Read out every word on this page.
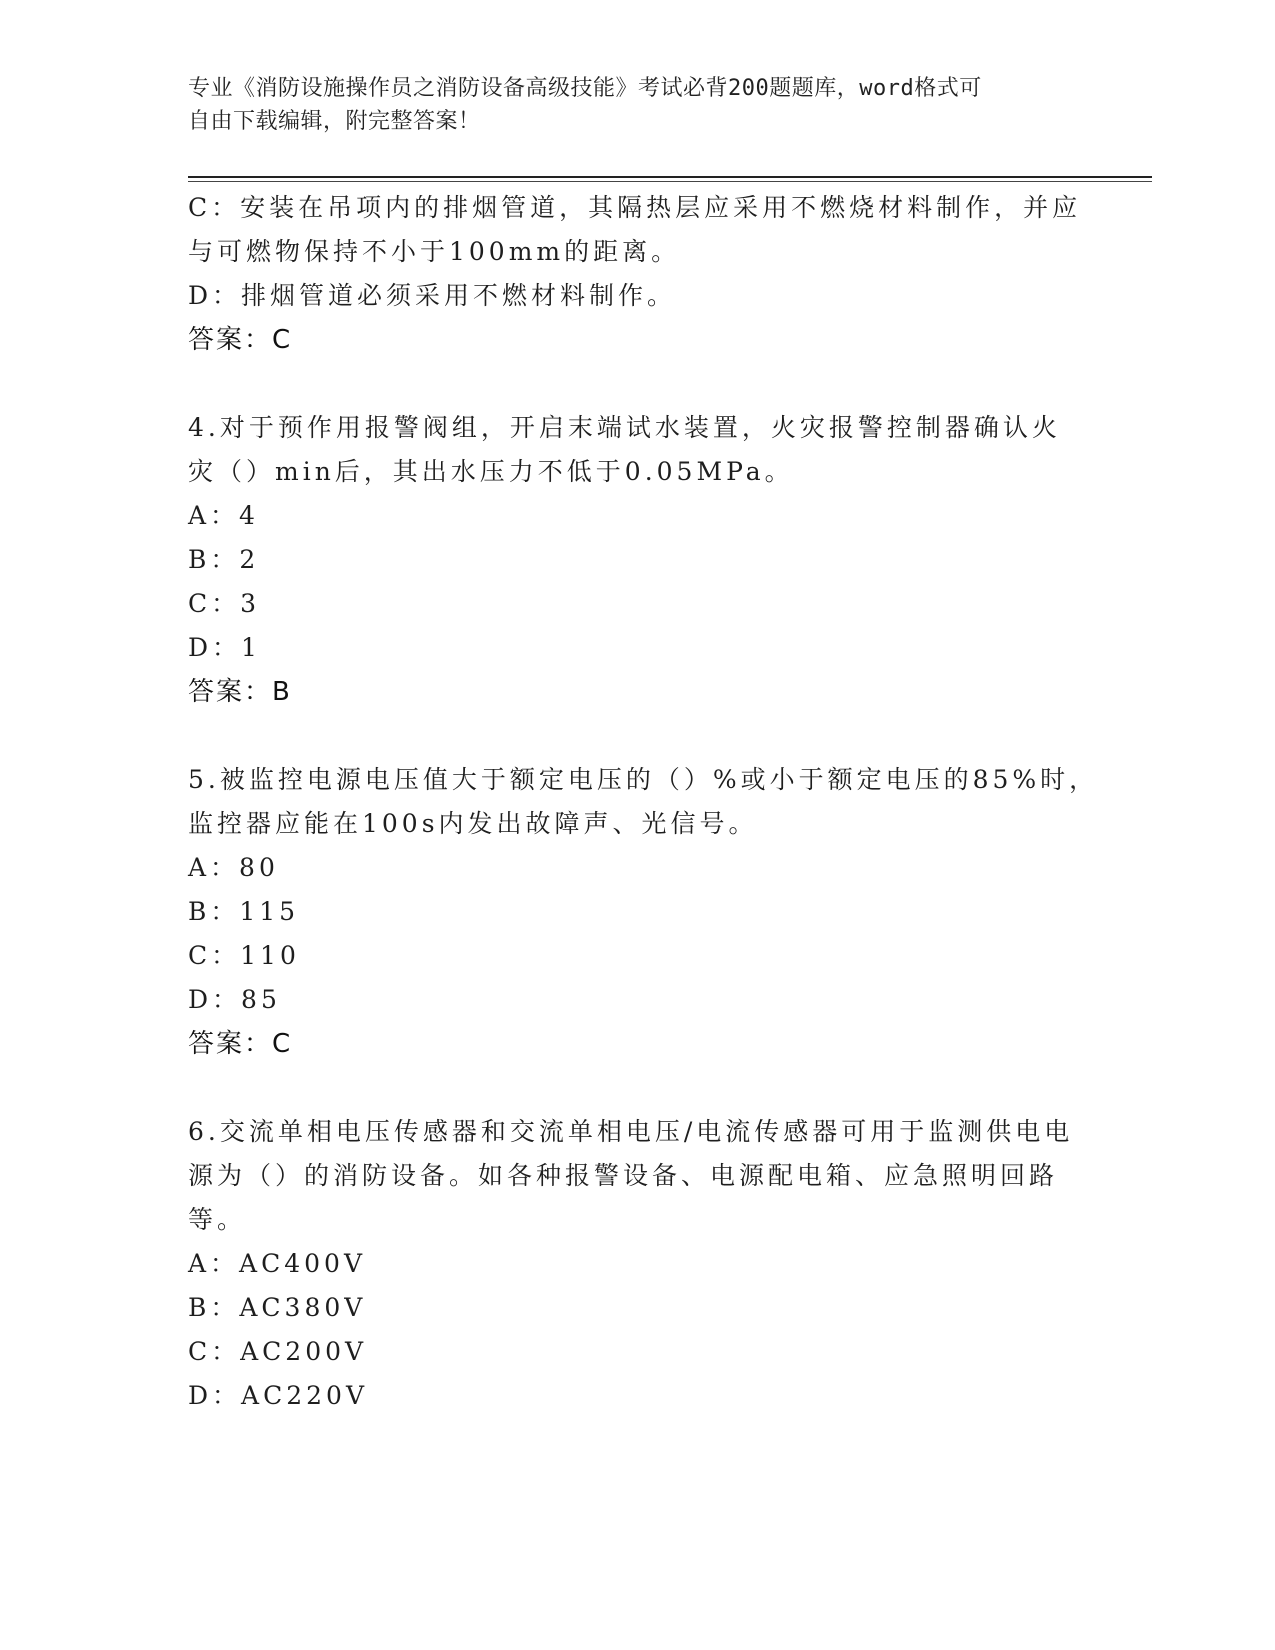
专业《消防设施操作员之消防设备高级技能》考试必背200题题库，word格式可
自由下载编辑，附完整答案！
C：安装在吊项内的排烟管道，其隔热层应采用不燃烧材料制作，并应
与可燃物保持不小于100mm的距离。
D：排烟管道必须采用不燃材料制作。
答案：C
4.对于预作用报警阀组，开启末端试水装置，火灾报警控制器确认火
灾（）min后，其出水压力不低于0.05MPa。
A：4
B：2
C：3
D：1
答案：B
5.被监控电源电压值大于额定电压的（）%或小于额定电压的85%时，
监控器应能在100s内发出故障声、光信号。
A：80
B：115
C：110
D：85
答案：C
6.交流单相电压传感器和交流单相电压/电流传感器可用于监测供电电
源为（）的消防设备。如各种报警设备、电源配电箱、应急照明回路
等。
A：AC400V
B：AC380V
C：AC200V
D：AC220V
